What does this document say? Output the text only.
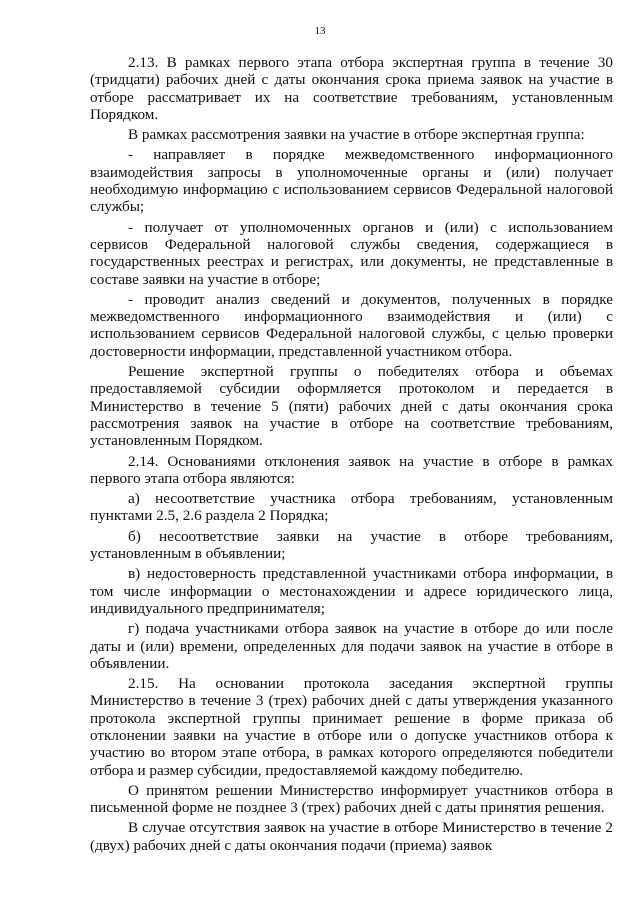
13

2.13. В рамках первого этапа отбора экспертная группа в течение 30 (тридцати) рабочих дней с даты окончания срока приема заявок на участие в отборе рассматривает их на соответствие требованиям, установленным Порядком.

В рамках рассмотрения заявки на участие в отборе экспертная группа:

- направляет в порядке межведомственного информационного взаимодействия запросы в уполномоченные органы и (или) получает необходимую информацию с использованием сервисов Федеральной налоговой службы;

- получает от уполномоченных органов и (или) с использованием сервисов Федеральной налоговой службы сведения, содержащиеся в государственных реестрах и регистрах, или документы, не представленные в составе заявки на участие в отборе;

- проводит анализ сведений и документов, полученных в порядке межведомственного информационного взаимодействия и (или) с использованием сервисов Федеральной налоговой службы, с целью проверки достоверности информации, представленной участником отбора.

Решение экспертной группы о победителях отбора и объемах предоставляемой субсидии оформляется протоколом и передается в Министерство в течение 5 (пяти) рабочих дней с даты окончания срока рассмотрения заявок на участие в отборе на соответствие требованиям, установленным Порядком.

2.14. Основаниями отклонения заявок на участие в отборе в рамках первого этапа отбора являются:

а) несоответствие участника отбора требованиям, установленным пунктами 2.5, 2.6 раздела 2 Порядка;

б) несоответствие заявки на участие в отборе требованиям, установленным в объявлении;

в) недостоверность представленной участниками отбора информации, в том числе информации о местонахождении и адресе юридического лица, индивидуального предпринимателя;

г) подача участниками отбора заявок на участие в отборе до или после даты и (или) времени, определенных для подачи заявок на участие в отборе в объявлении.

2.15. На основании протокола заседания экспертной группы Министерство в течение 3 (трех) рабочих дней с даты утверждения указанного протокола экспертной группы принимает решение в форме приказа об отклонении заявки на участие в отборе или о допуске участников отбора к участию во втором этапе отбора, в рамках которого определяются победители отбора и размер субсидии, предоставляемой каждому победителю.

О принятом решении Министерство информирует участников отбора в письменной форме не позднее 3 (трех) рабочих дней с даты принятия решения.

В случае отсутствия заявок на участие в отборе Министерство в течение 2 (двух) рабочих дней с даты окончания подачи (приема) заявок
